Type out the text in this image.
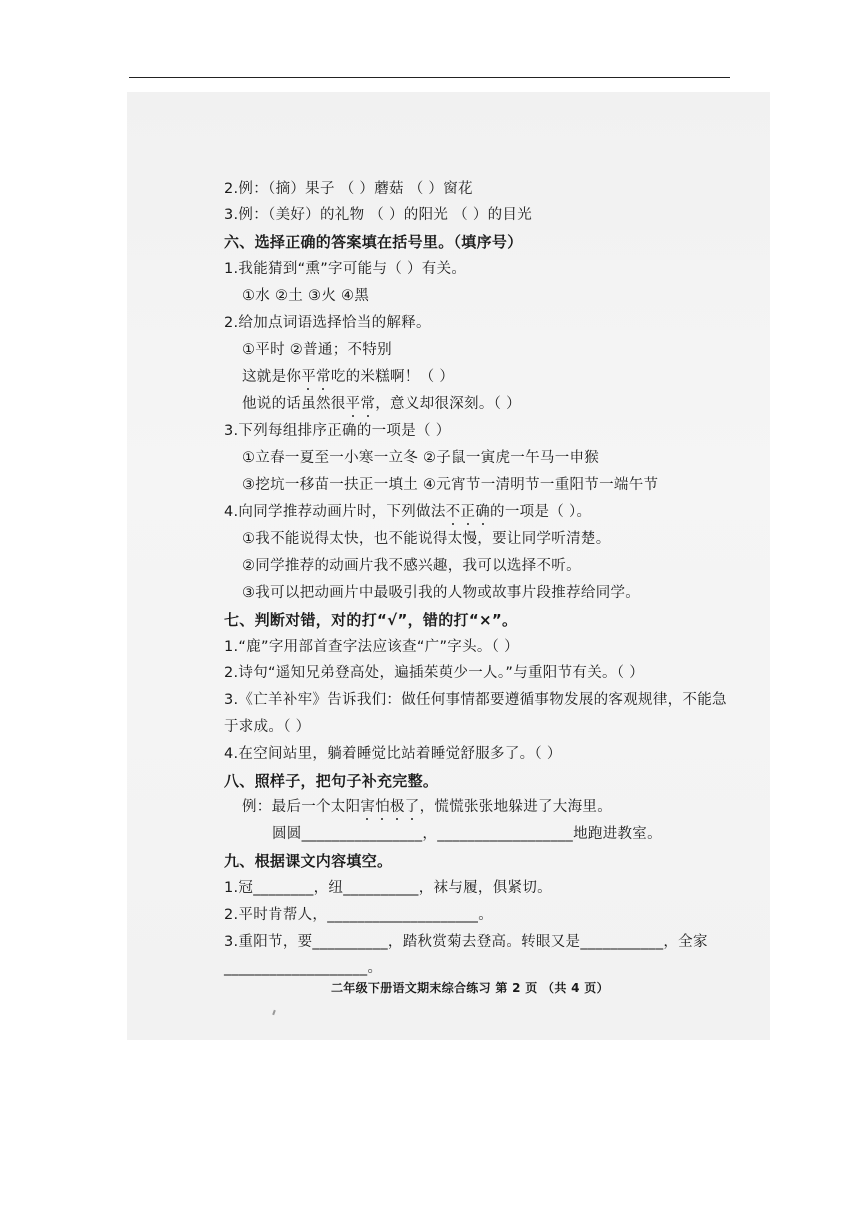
2.例：（摘）果子 （ ）蘑菇 （ ）窗花
3.例：（美好）的礼物 （ ）的阳光 （ ）的目光
六、选择正确的答案填在括号里。（填序号）
1.我能猜到“熏”字可能与（ ）有关。
①水 ②土 ③火 ④黑
2.给加点词语选择恰当的解释。
①平时 ②普通；不特别
这就是你平常
吃的米糕啊！（ ）
他说的话虽然很平常
，意义却很深刻。（ ）
3.下列每组排序正确的一项是（ ）
①立春一夏至一小寒一立冬 ②子鼠一寅虎一午马一申猴
③挖坑一移苗一扶正一填土 ④元宵节一清明节一重阳节一端午节
4.向同学推荐动画片时，下列做法不正确
的一项是（ ）。
①我不能说得太快，也不能说得太慢，要让同学听清楚。
②同学推荐的动画片我不感兴趣，我可以选择不听。
③我可以把动画片中最吸引我的人物或故事片段推荐给同学。
七、判断对错，对的打“√”，错的打“×”。
1.“鹿”字用部首查字法应该查“广”字头。（ ）
2.诗句“遥知兄弟登高处，遍插茱萸少一人。”与重阳节有关。（ ）
3.《亡羊补牢》告诉我们：做任何事情都要遵循事物发展的客观规律，不能急
于求成。（ ）
4.在空间站里，躺着睡觉比站着睡觉舒服多了。（ ）
八、照样子，把句子补充完整。
例：最后一个太阳害怕极了
，慌慌张张地躲进了大海里。
圆圆________________，__________________地跑进教室。
九、根据课文内容填空。
1.冠________，纽__________，袜与履，俱紧切。
2.平时肯帮人，____________________。
3.重阳节，要__________，踏秋赏菊去登高。转眼又是___________，全家
___________________。
二年级下册语文期末综合练习 第 2 页 （共 4 页）
